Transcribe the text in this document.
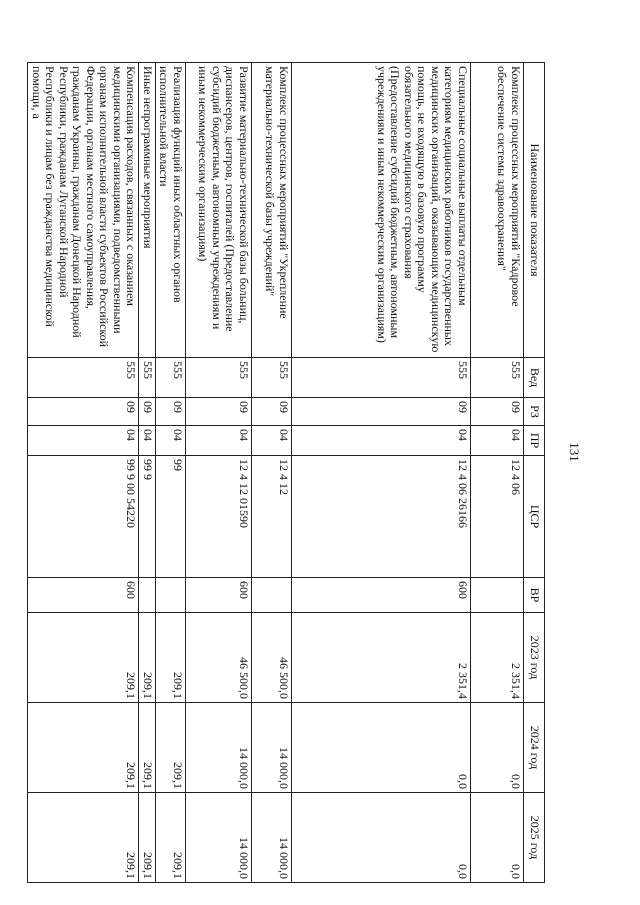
131
Наименование показателя	Вед	РЗ	ПР	ЦСР	ВР	2023 год	2024 год	2025 год
Комплекс процессных мероприятий "Кадровое обеспечение системы здравоохранения"	555	09	04	12 4 06		2 351,4	0,0	0,0
Специальные социальные выплаты отдельным категориям медицинских работников государственных медицинских организаций, оказывающих медицинскую помощь, не входящую в базовую программу обязательного медицинского страхования (Предоставление субсидий бюджетным, автономным учреждениям и иным некоммерческим организациям)	555	09	04	12 4 06 26166	600	2 351,4	0,0	0,0
Комплекс процессных мероприятий "Укрепление материально-технической базы учреждений"	555	09	04	12 4 12		46 500,0	14 000,0	14 000,0
Развитие материально-технической базы больниц, диспансеров, центров, госпиталей (Предоставление субсидий бюджетным, автономным учреждениям и иным некоммерческим организациям)	555	09	04	12 4 12 01590	600	46 500,0	14 000,0	14 000,0
Реализация функций иных областных органов исполнительной власти	555	09	04	99		209,1	209,1	209,1
Иные непрограммные мероприятия	555	09	04	99 9		209,1	209,1	209,1
Компенсация расходов, связанных с оказанием медицинскими организациями, подведомственными органам исполнительной власти субъектов Российской Федерации, органам местного самоуправления, гражданам Украины, гражданам Донецкой Народной Республики, гражданам Луганской Народной Республики и лицам без гражданства медицинской помощи, а	555	09	04	99 9 00 54220	600	209,1	209,1	209,1
